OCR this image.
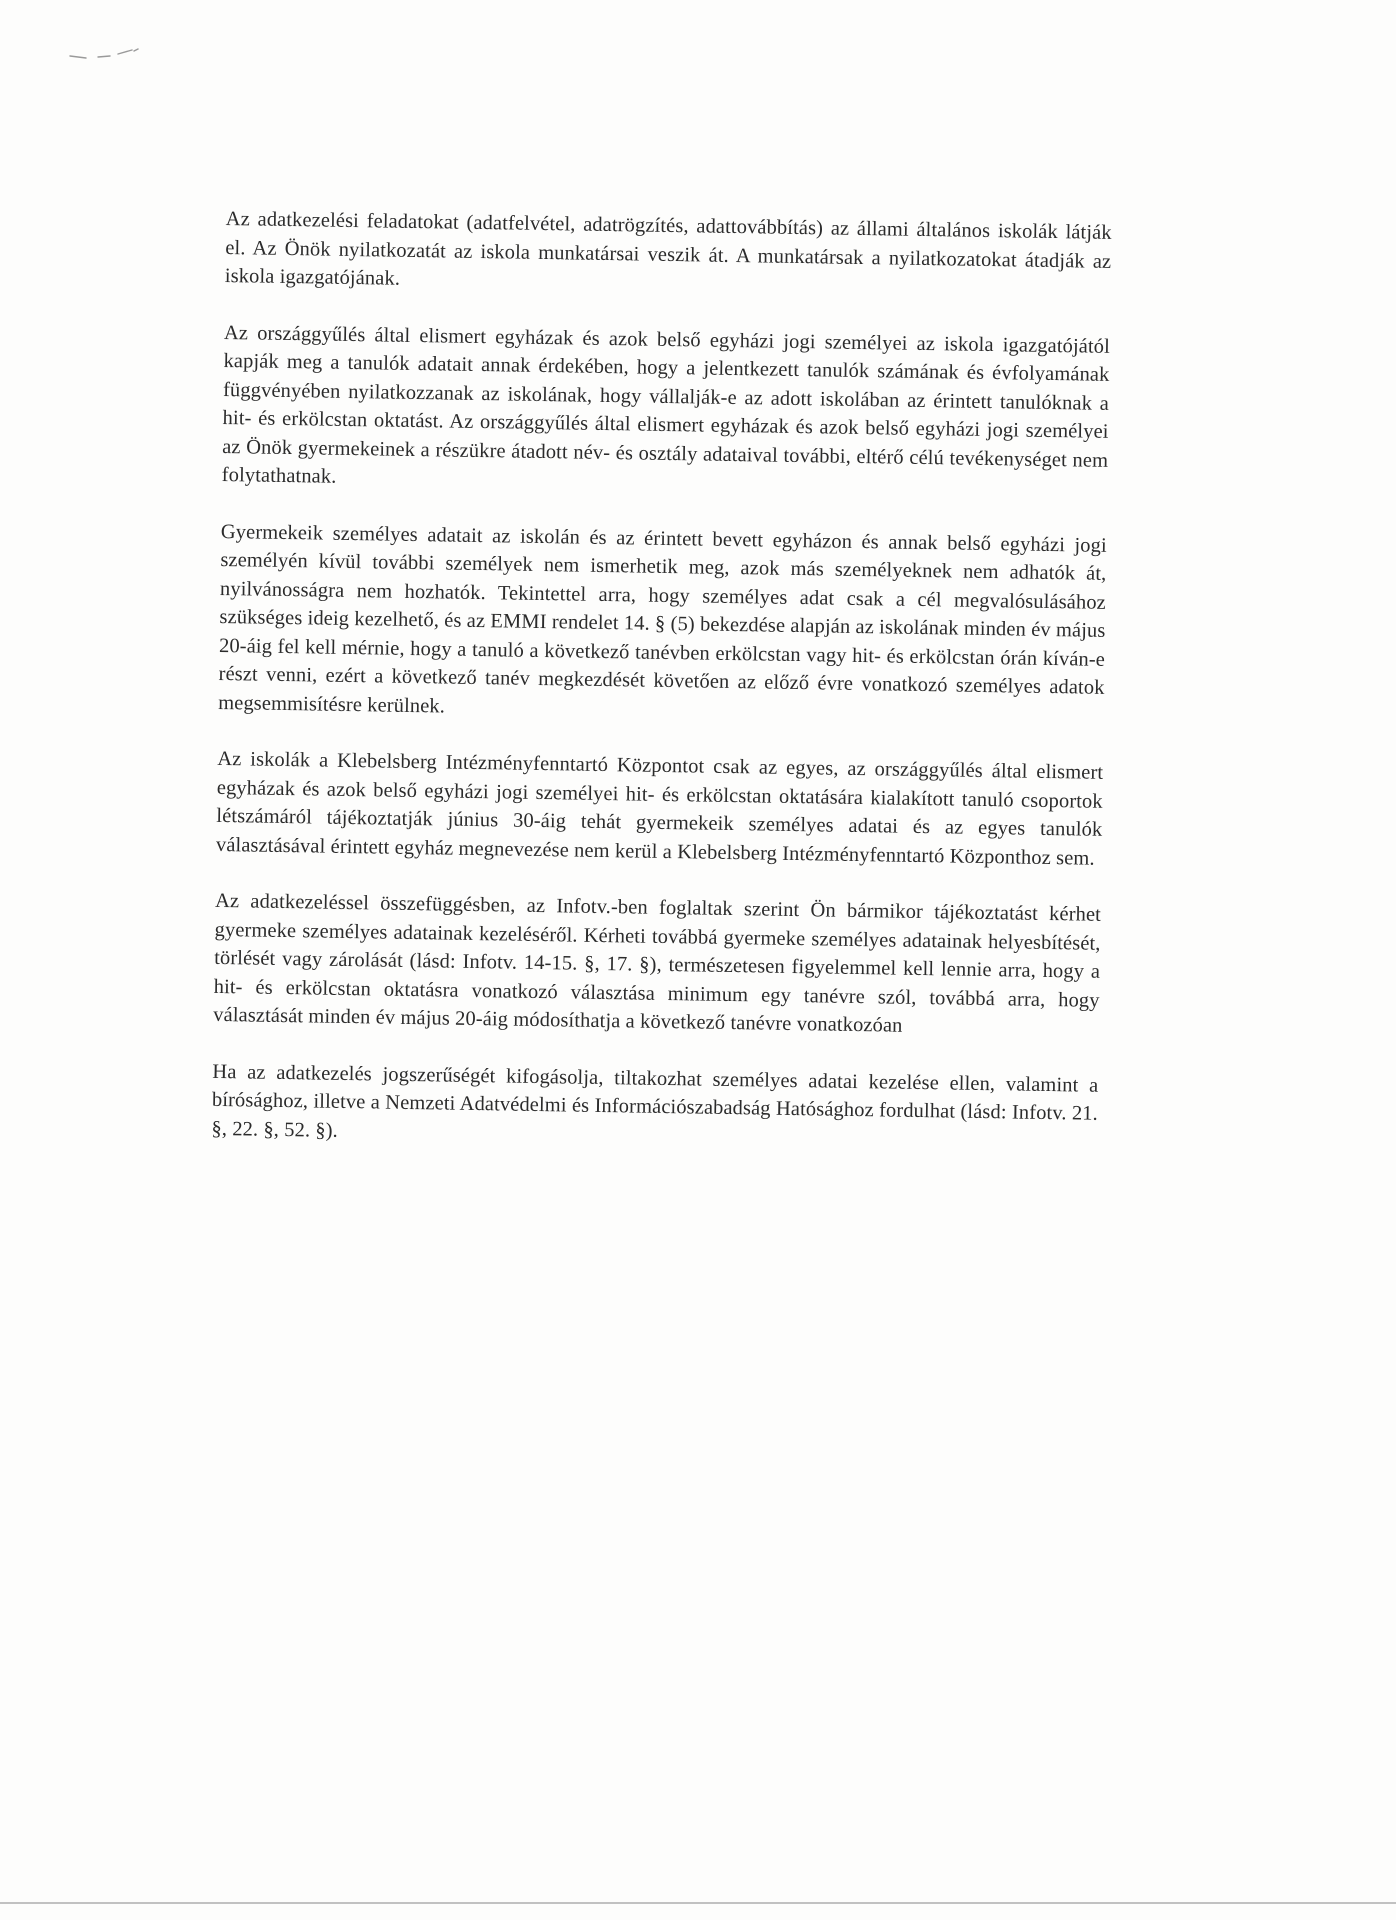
Az adatkezelési feladatokat (adatfelvétel, adatrögzítés, adattovábbítás) az állami általános iskolák látják el. Az Önök nyilatkozatát az iskola munkatársai veszik át. A munkatársak a nyilatkozatokat átadják az iskola igazgatójának.

Az országgyűlés által elismert egyházak és azok belső egyházi jogi személyei az iskola igazgatójától kapják meg a tanulók adatait annak érdekében, hogy a jelentkezett tanulók számának és évfolyamának függvényében nyilatkozzanak az iskolának, hogy vállalják-e az adott iskolában az érintett tanulóknak a hit- és erkölcstan oktatást. Az országgyűlés által elismert egyházak és azok belső egyházi jogi személyei az Önök gyermekeinek a részükre átadott név- és osztály adataival további, eltérő célú tevékenységet nem folytathatnak.

Gyermekeik személyes adatait az iskolán és az érintett bevett egyházon és annak belső egyházi jogi személyén kívül további személyek nem ismerhetik meg, azok más személyeknek nem adhatók át, nyilvánosságra nem hozhatók. Tekintettel arra, hogy személyes adat csak a cél megvalósulásához szükséges ideig kezelhető, és az EMMI rendelet 14. § (5) bekezdése alapján az iskolának minden év május 20-áig fel kell mérnie, hogy a tanuló a következő tanévben erkölcstan vagy hit- és erkölcstan órán kíván-e részt venni, ezért a következő tanév megkezdését követően az előző évre vonatkozó személyes adatok megsemmisítésre kerülnek.

Az iskolák a Klebelsberg Intézményfenntartó Központot csak az egyes, az országgyűlés által elismert egyházak és azok belső egyházi jogi személyei hit- és erkölcstan oktatására kialakított tanuló csoportok létszámáról tájékoztatják június 30-áig tehát gyermekeik személyes adatai és az egyes tanulók választásával érintett egyház megnevezése nem kerül a Klebelsberg Intézményfenntartó Központhoz sem.

Az adatkezeléssel összefüggésben, az Infotv.-ben foglaltak szerint Ön bármikor tájékoztatást kérhet gyermeke személyes adatainak kezeléséről. Kérheti továbbá gyermeke személyes adatainak helyesbítését, törlését vagy zárolását (lásd: Infotv. 14-15. §, 17. §), természetesen figyelemmel kell lennie arra, hogy a hit- és erkölcstan oktatásra vonatkozó választása minimum egy tanévre szól, továbbá arra, hogy választását minden év május 20-áig módosíthatja a következő tanévre vonatkozóan

Ha az adatkezelés jogszerűségét kifogásolja, tiltakozhat személyes adatai kezelése ellen, valamint a bírósághoz, illetve a Nemzeti Adatvédelmi és Információszabadság Hatósághoz fordulhat (lásd: Infotv. 21. §, 22. §, 52. §).
